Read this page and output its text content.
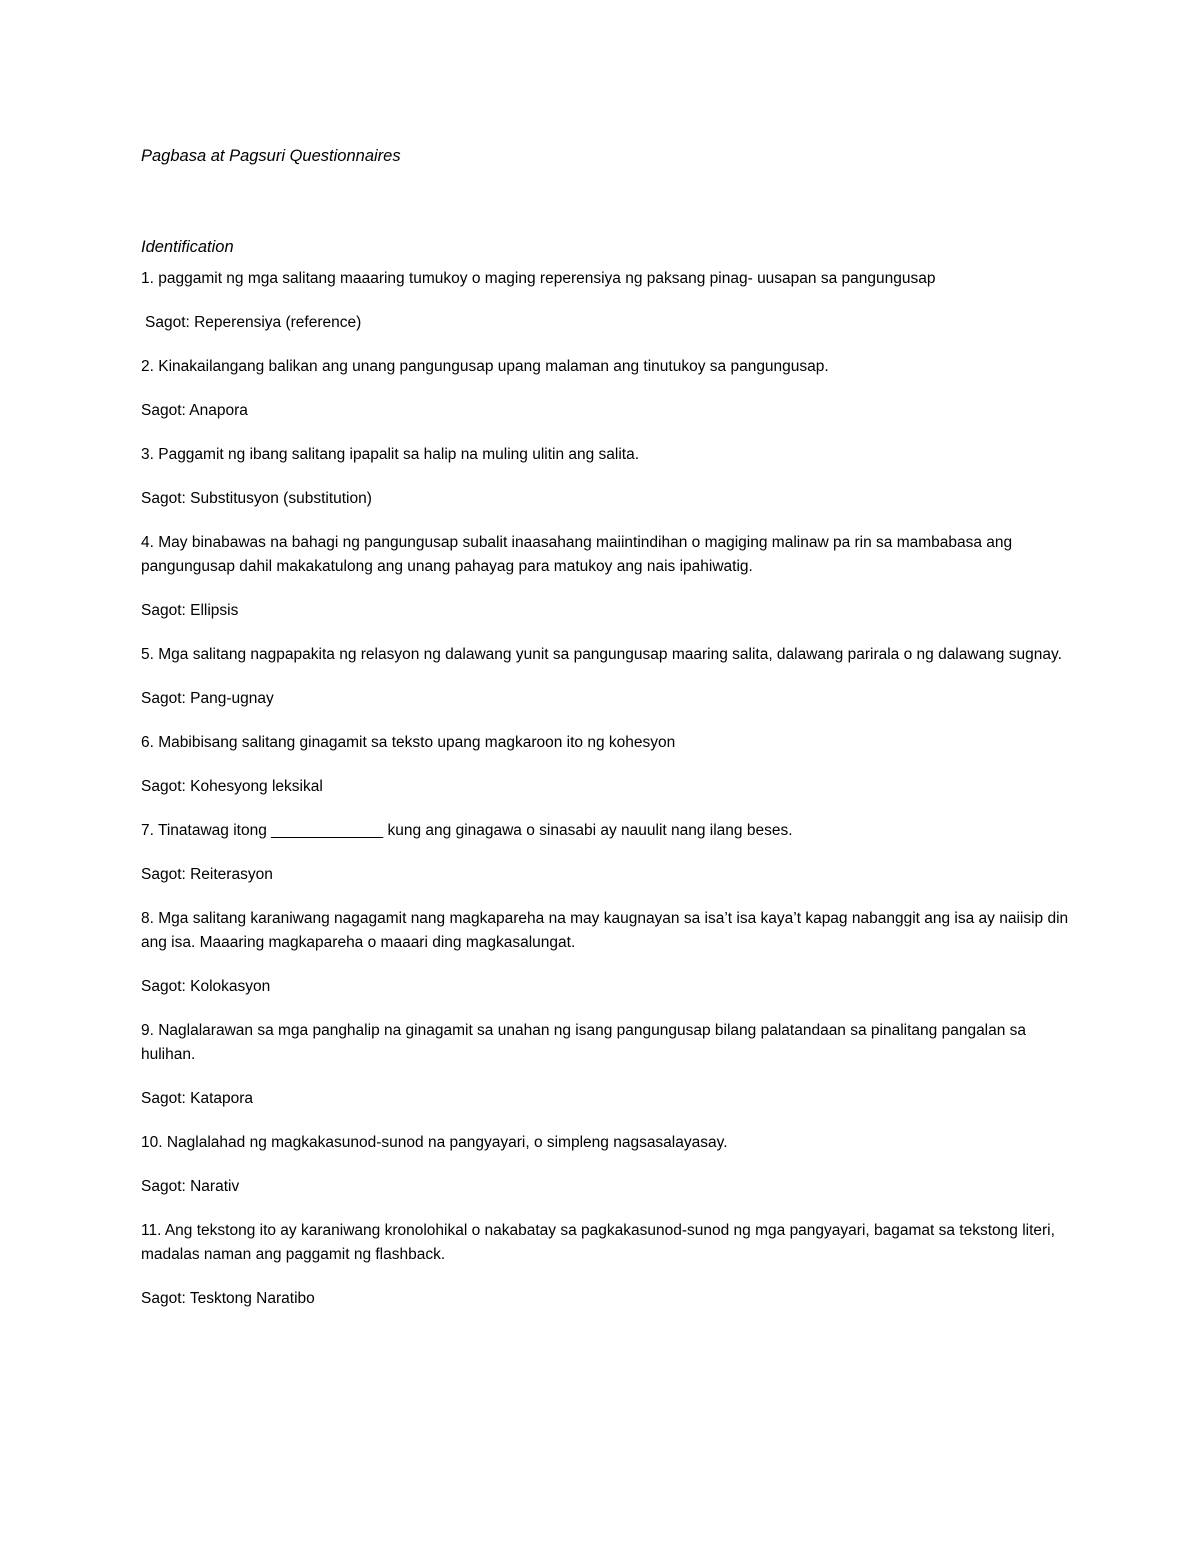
Pagbasa at Pagsuri Questionnaires

Identification

1. paggamit ng mga salitang maaaring tumukoy o maging reperensiya ng paksang pinag- uusapan sa pangungusap

Sagot: Reperensiya (reference)

2. Kinakailangang balikan ang unang pangungusap upang malaman ang tinutukoy sa pangungusap.

Sagot: Anapora

3. Paggamit ng ibang salitang ipapalit sa halip na muling ulitin ang salita.

Sagot: Substitusyon (substitution)

4. May binabawas na bahagi ng pangungusap subalit inaasahang maiintindihan o magiging malinaw pa rin sa mambabasa ang pangungusap dahil makakatulong ang unang pahayag para matukoy ang nais ipahiwatig.

Sagot: Ellipsis

5. Mga salitang nagpapakita ng relasyon ng dalawang yunit sa pangungusap maaring salita, dalawang parirala o ng dalawang sugnay.

Sagot: Pang-ugnay

6. Mabibisang salitang ginagamit sa teksto upang magkaroon ito ng kohesyon

Sagot: Kohesyong leksikal

7. Tinatawag itong _____________ kung ang ginagawa o sinasabi ay nauulit nang ilang beses.

Sagot: Reiterasyon

8. Mga salitang karaniwang nagagamit nang magkapareha na may kaugnayan sa isa’t isa kaya’t kapag nabanggit ang isa ay naiisip din ang isa. Maaaring magkapareha o maaari ding magkasalungat.

Sagot: Kolokasyon

9. Naglalarawan sa mga panghalip na ginagamit sa unahan ng isang pangungusap bilang palatandaan sa pinalitang pangalan sa hulihan.

Sagot: Katapora

10. Naglalahad ng magkakasunod-sunod na pangyayari, o simpleng nagsasalayasay.

Sagot: Narativ

11. Ang tekstong ito ay karaniwang kronolohikal o nakabatay sa pagkakasunod-sunod ng mga pangyayari, bagamat sa tekstong literi, madalas naman ang paggamit ng flashback.

Sagot: Tesktong Naratibo
